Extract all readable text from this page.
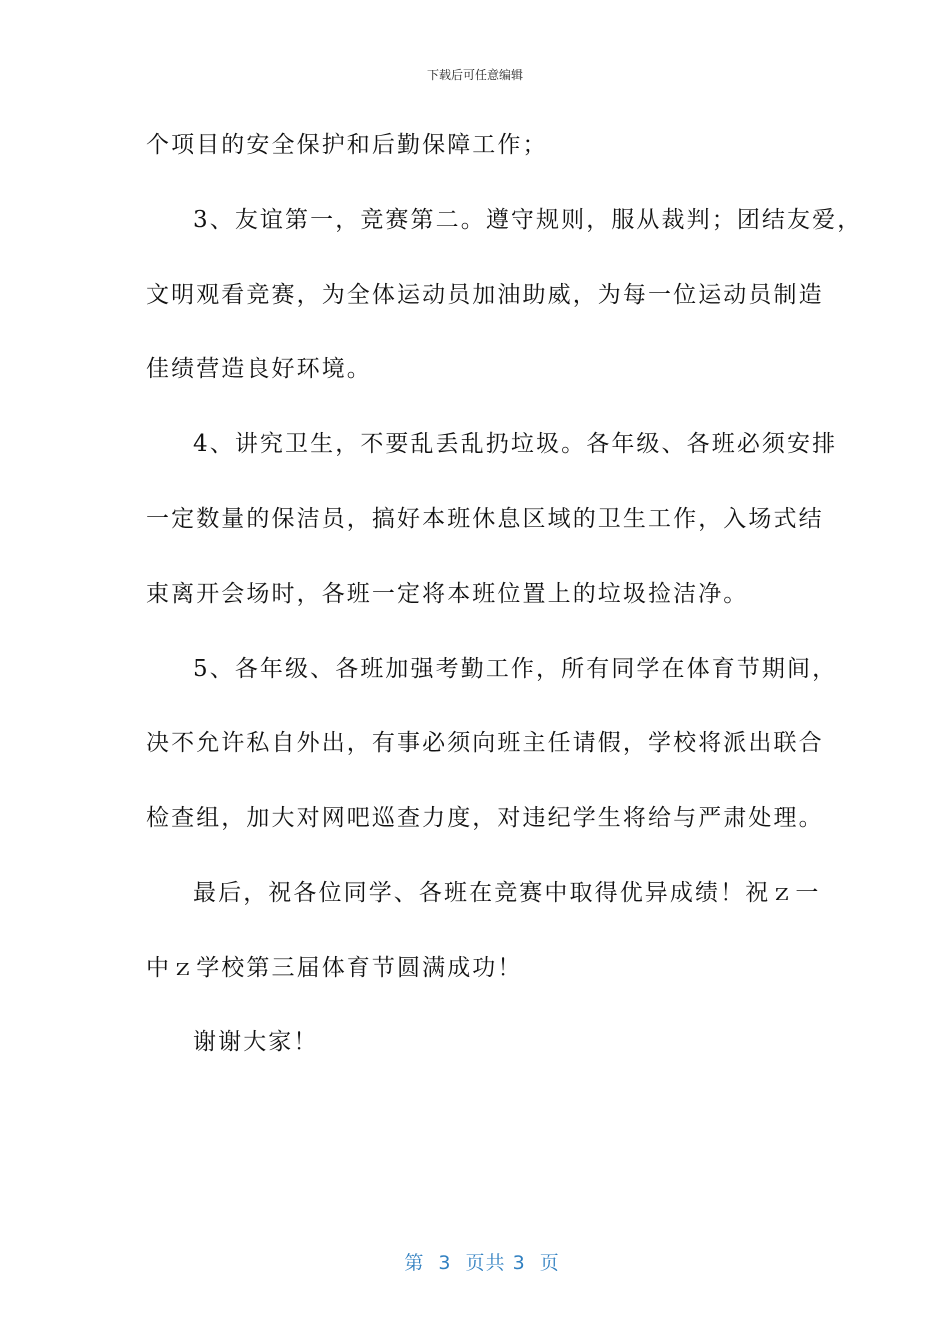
下载后可任意编辑
个项目的安全保护和后勤保障工作；
3、友谊第一，竞赛第二。遵守规则，服从裁判；团结友爱，
文明观看竞赛，为全体运动员加油助威，为每一位运动员制造
佳绩营造良好环境。
4、讲究卫生，不要乱丢乱扔垃圾。各年级、各班必须安排
一定数量的保洁员，搞好本班休息区域的卫生工作，入场式结
束离开会场时，各班一定将本班位置上的垃圾捡洁净。
5、各年级、各班加强考勤工作，所有同学在体育节期间，
决不允许私自外出，有事必须向班主任请假，学校将派出联合
检查组，加大对网吧巡查力度，对违纪学生将给与严肃处理。
最后，祝各位同学、各班在竞赛中取得优异成绩！祝ｚ一
中ｚ学校第三届体育节圆满成功！
谢谢大家！

第  3  页共 3  页
